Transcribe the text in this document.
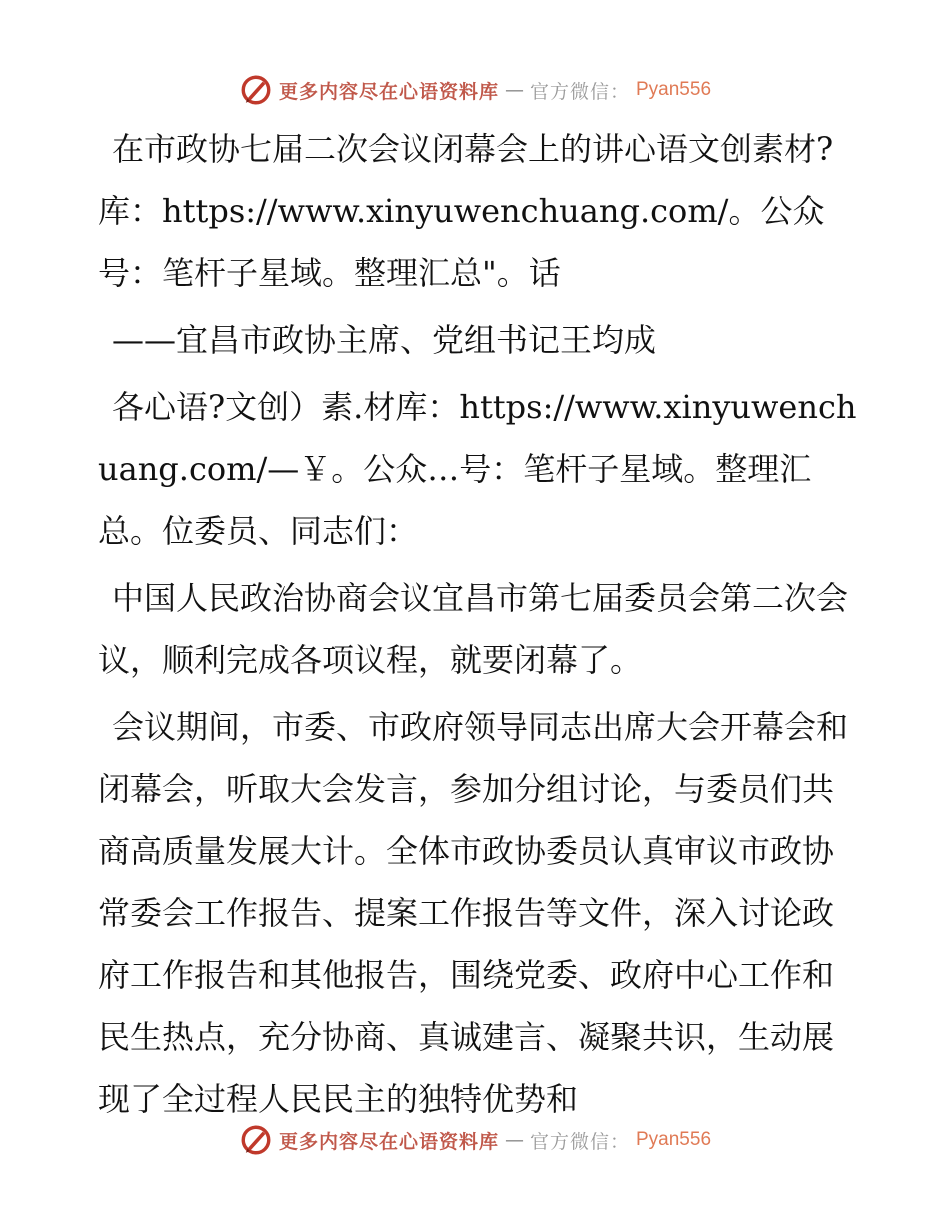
更多内容尽在心语资料库 — 官方微信： Pyan556

在市政协七届二次会议闭幕会上的讲心语文创素材?库：https://www.xinyuwenchuang.com/。公众号：笔杆子星域。整理汇总"。话

——宜昌市政协主席、党组书记王均成

各心语?文创）素.材库：https://www.xinyuwenchuang.com/—￥。公众…号：笔杆子星域。整理汇总。位委员、同志们：

中国人民政治协商会议宜昌市第七届委员会第二次会议，顺利完成各项议程，就要闭幕了。

会议期间，市委、市政府领导同志出席大会开幕会和闭幕会，听取大会发言，参加分组讨论，与委员们共商高质量发展大计。全体市政协委员认真审议市政协常委会工作报告、提案工作报告等文件，深入讨论政府工作报告和其他报告，围绕党委、政府中心工作和民生热点，充分协商、真诚建言、凝聚共识，生动展现了全过程人民民主的独特优势和

更多内容尽在心语资料库 — 官方微信： Pyan556
